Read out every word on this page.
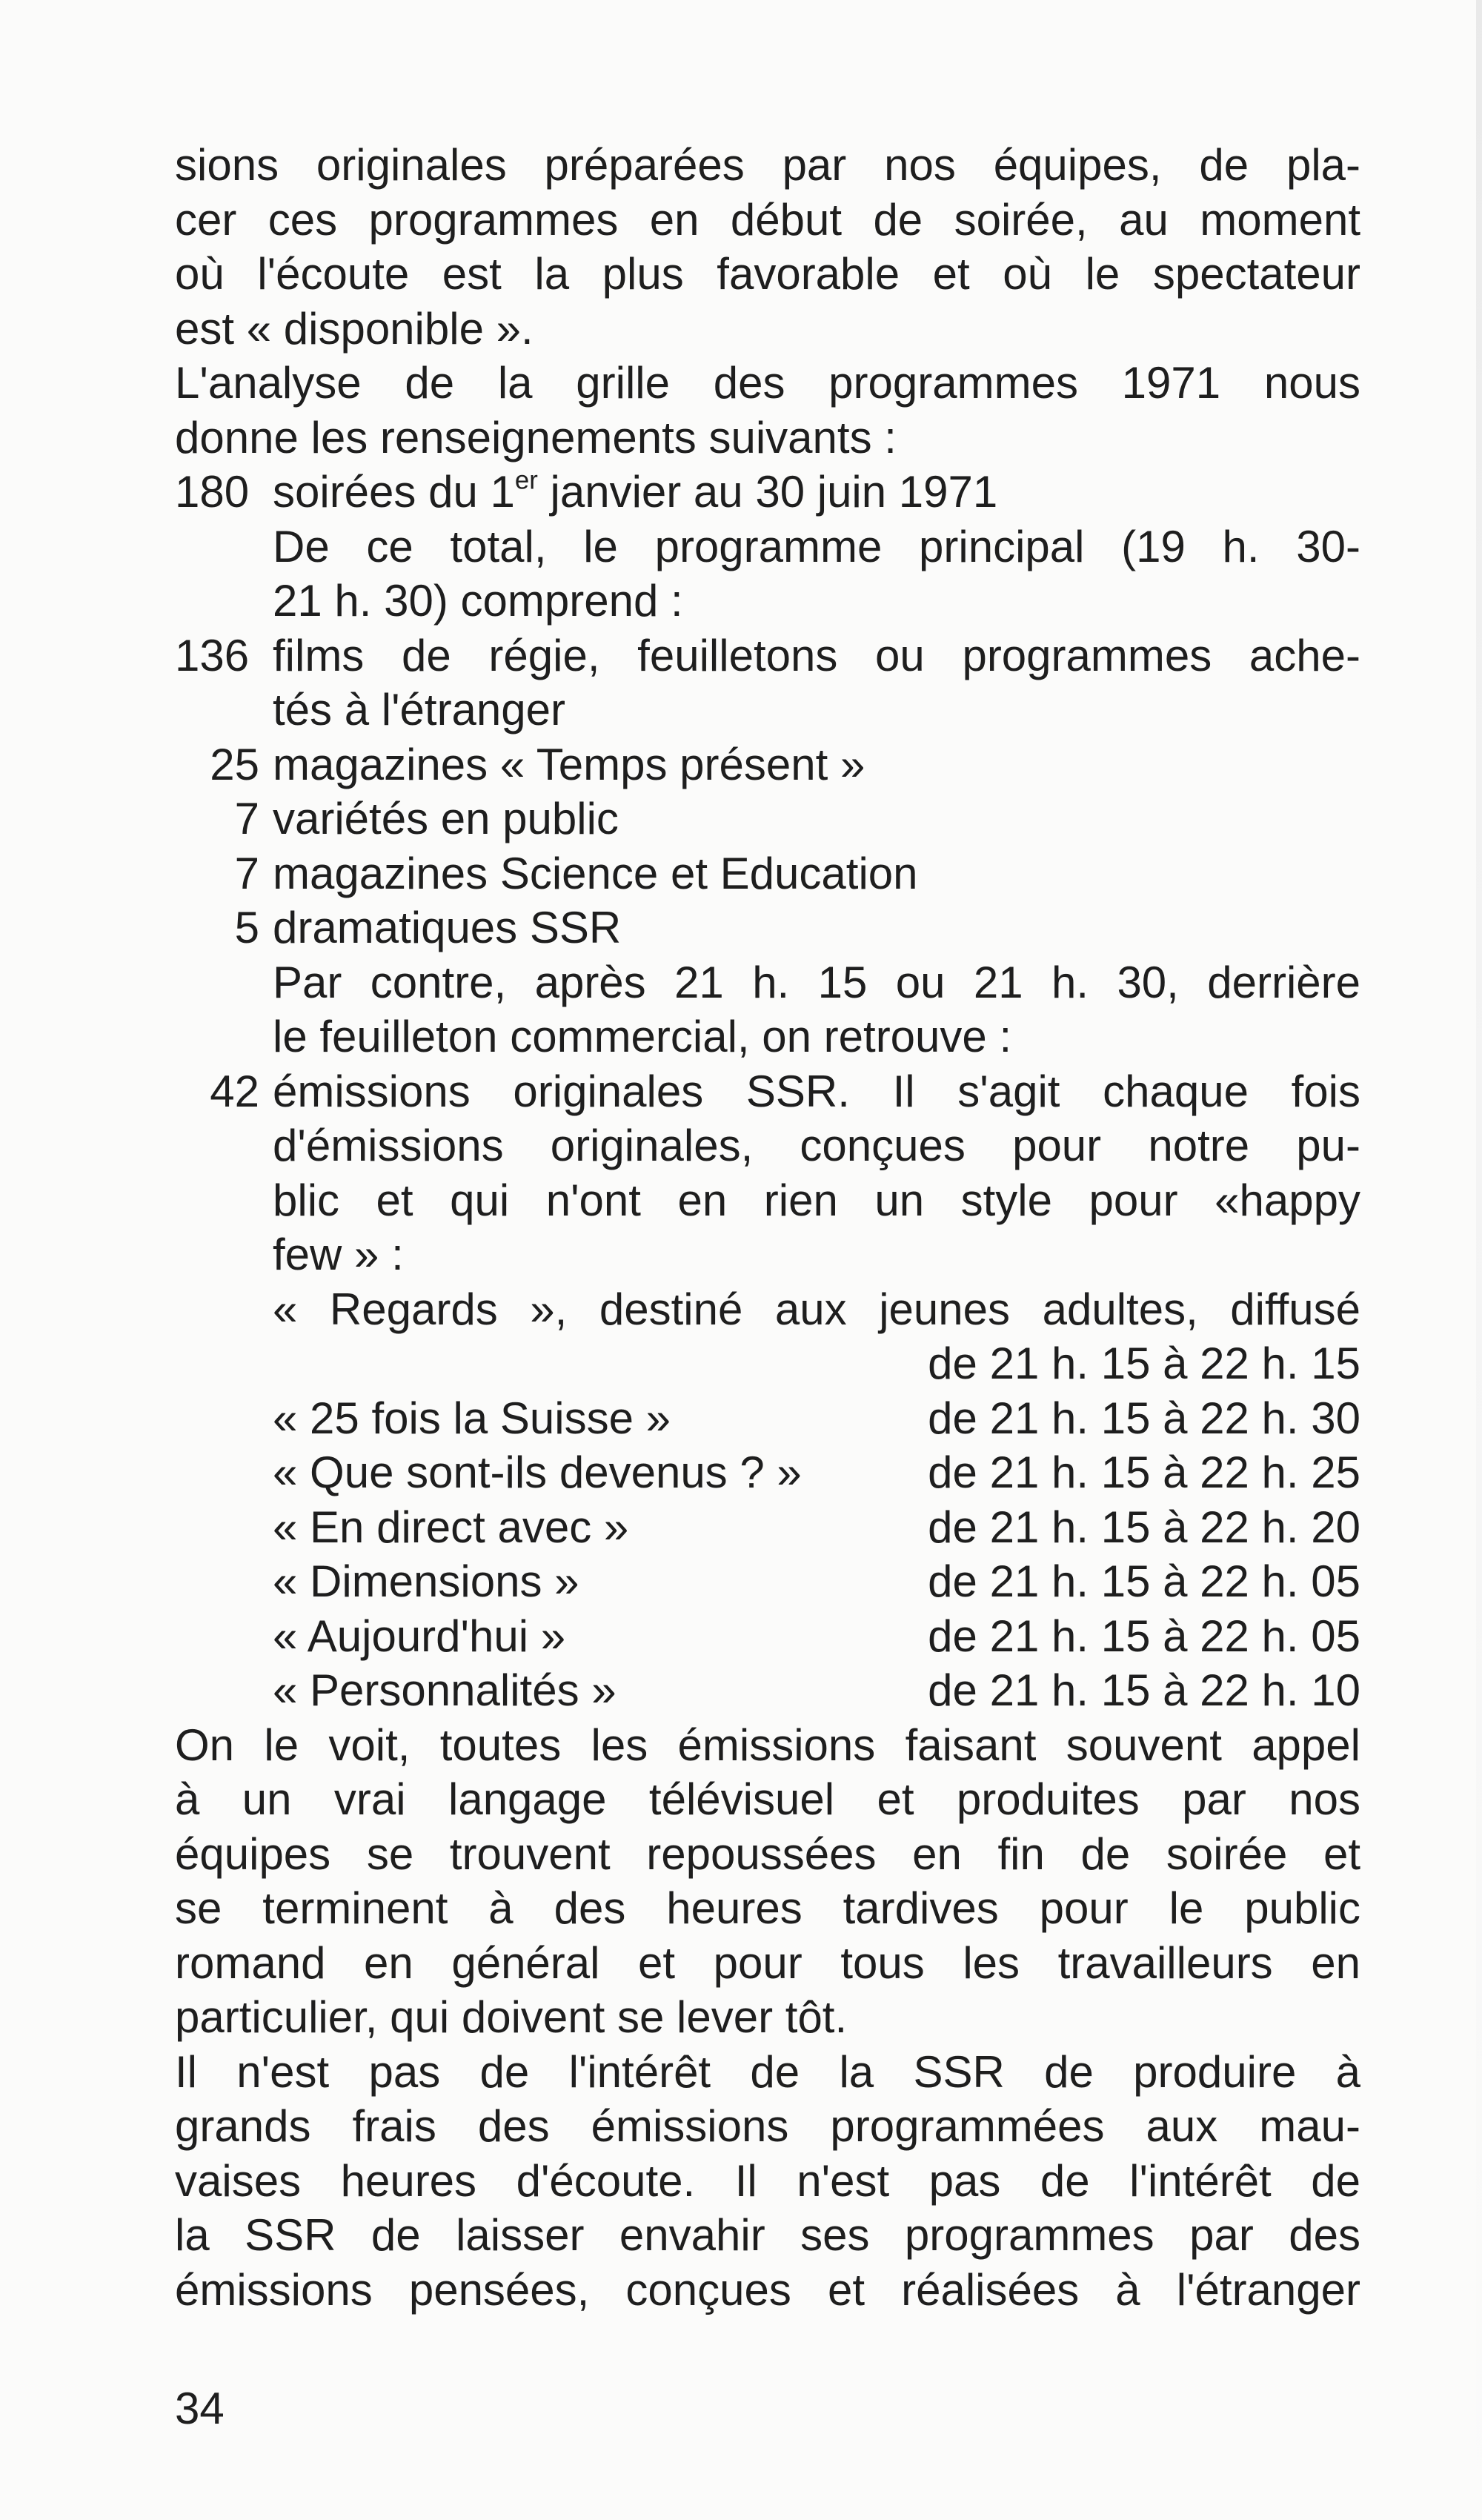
sions originales préparées par nos équipes, de pla-
cer ces programmes en début de soirée, au moment
où l'écoute est la plus favorable et où le spectateur
est « disponible ».
L'analyse de la grille des programmes 1971 nous
donne les renseignements suivants :
180 soirées du 1er janvier au 30 juin 1971
De ce total, le programme principal (19 h. 30-
21 h. 30) comprend :
136 films de régie, feuilletons ou programmes ache-
tés à l'étranger
25 magazines « Temps présent »
7 variétés en public
7 magazines Science et Education
5 dramatiques SSR
Par contre, après 21 h. 15 ou 21 h. 30, derrière
le feuilleton commercial, on retrouve :
42 émissions originales SSR. Il s'agit chaque fois
d'émissions originales, conçues pour notre pu-
blic et qui n'ont en rien un style pour «happy
few » :
« Regards », destiné aux jeunes adultes, diffusé
de 21 h. 15 à 22 h. 15
« 25 fois la Suisse »	de 21 h. 15 à 22 h. 30
« Que sont-ils devenus ? »	de 21 h. 15 à 22 h. 25
« En direct avec »	de 21 h. 15 à 22 h. 20
« Dimensions »	de 21 h. 15 à 22 h. 05
« Aujourd'hui »	de 21 h. 15 à 22 h. 05
« Personnalités »	de 21 h. 15 à 22 h. 10
On le voit, toutes les émissions faisant souvent appel
à un vrai langage télévisuel et produites par nos
équipes se trouvent repoussées en fin de soirée et
se terminent à des heures tardives pour le public
romand en général et pour tous les travailleurs en
particulier, qui doivent se lever tôt.
Il n'est pas de l'intérêt de la SSR de produire à
grands frais des émissions programmées aux mau-
vaises heures d'écoute. Il n'est pas de l'intérêt de
la SSR de laisser envahir ses programmes par des
émissions pensées, conçues et réalisées à l'étranger
34
